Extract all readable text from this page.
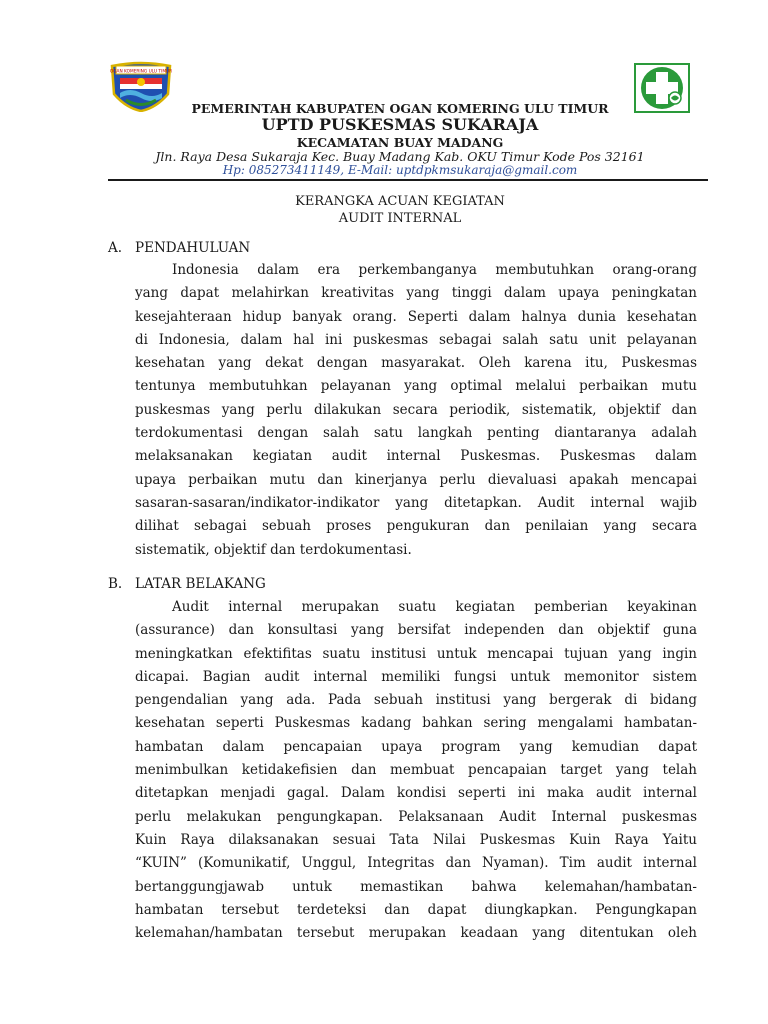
OGAN KOMERING ULU TIMUR
PEMERINTAH KABUPATEN OGAN KOMERING ULU TIMUR
UPTD PUSKESMAS SUKARAJA
KECAMATAN BUAY MADANG
Jln. Raya Desa Sukaraja Kec. Buay Madang Kab. OKU Timur Kode Pos 32161
Hp: 085273411149, E-Mail: uptdpkmsukaraja@gmail.com
KERANGKA ACUAN KEGIATAN
AUDIT INTERNAL
A. PENDAHULUAN
Indonesia dalam era perkembanganya membutuhkan orang-orang
yang dapat melahirkan kreativitas yang tinggi dalam upaya peningkatan
kesejahteraan hidup banyak orang. Seperti dalam halnya dunia kesehatan
di Indonesia, dalam hal ini puskesmas sebagai salah satu unit pelayanan
kesehatan yang dekat dengan masyarakat. Oleh karena itu, Puskesmas
tentunya membutuhkan pelayanan yang optimal melalui perbaikan mutu
puskesmas yang perlu dilakukan secara periodik, sistematik, objektif dan
terdokumentasi dengan salah satu langkah penting diantaranya adalah
melaksanakan kegiatan audit internal Puskesmas. Puskesmas dalam
upaya perbaikan mutu dan kinerjanya perlu dievaluasi apakah mencapai
sasaran-sasaran/indikator-indikator yang ditetapkan. Audit internal wajib
dilihat sebagai sebuah proses pengukuran dan penilaian yang secara
sistematik, objektif dan terdokumentasi.
B. LATAR BELAKANG
Audit internal merupakan suatu kegiatan pemberian keyakinan
(assurance) dan konsultasi yang bersifat independen dan objektif guna
meningkatkan efektifitas suatu institusi untuk mencapai tujuan yang ingin
dicapai. Bagian audit internal memiliki fungsi untuk memonitor sistem
pengendalian yang ada. Pada sebuah institusi yang bergerak di bidang
kesehatan seperti Puskesmas kadang bahkan sering mengalami hambatan-
hambatan dalam pencapaian upaya program yang kemudian dapat
menimbulkan ketidakefisien dan membuat pencapaian target yang telah
ditetapkan menjadi gagal. Dalam kondisi seperti ini maka audit internal
perlu melakukan pengungkapan. Pelaksanaan Audit Internal puskesmas
Kuin Raya dilaksanakan sesuai Tata Nilai Puskesmas Kuin Raya Yaitu
“KUIN” (Komunikatif, Unggul, Integritas dan Nyaman). Tim audit internal
bertanggungjawab untuk memastikan bahwa kelemahan/hambatan-
hambatan tersebut terdeteksi dan dapat diungkapkan. Pengungkapan
kelemahan/hambatan tersebut merupakan keadaan yang ditentukan oleh
